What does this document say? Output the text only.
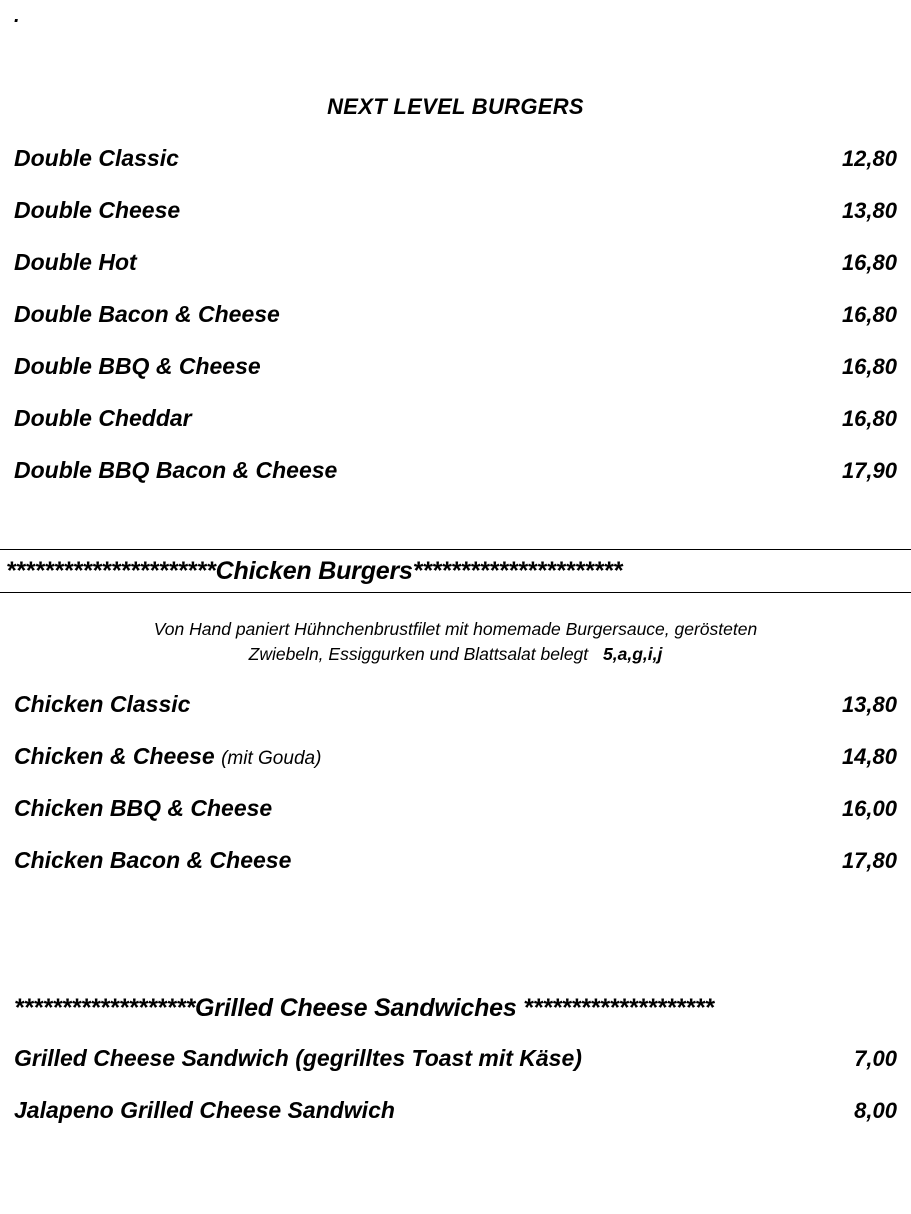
.
NEXT LEVEL BURGERS
Double Classic	12,80
Double Cheese	13,80
Double Hot	16,80
Double Bacon & Cheese	16,80
Double BBQ & Cheese	16,80
Double Cheddar	16,80
Double BBQ Bacon & Cheese	17,90
**********************Chicken Burgers**********************
Von Hand paniert Hühnchenbrustfilet mit homemade Burgersauce, gerösteten
Zwiebeln, Essiggurken und Blattsalat belegt 5,a,g,i,j
Chicken Classic	13,80
Chicken & Cheese (mit Gouda)	14,80
Chicken BBQ & Cheese	16,00
Chicken Bacon & Cheese	17,80
*******************Grilled Cheese Sandwiches ********************
Grilled Cheese Sandwich (gegrilltes Toast mit Käse)	7,00
Jalapeno Grilled Cheese Sandwich	8,00
